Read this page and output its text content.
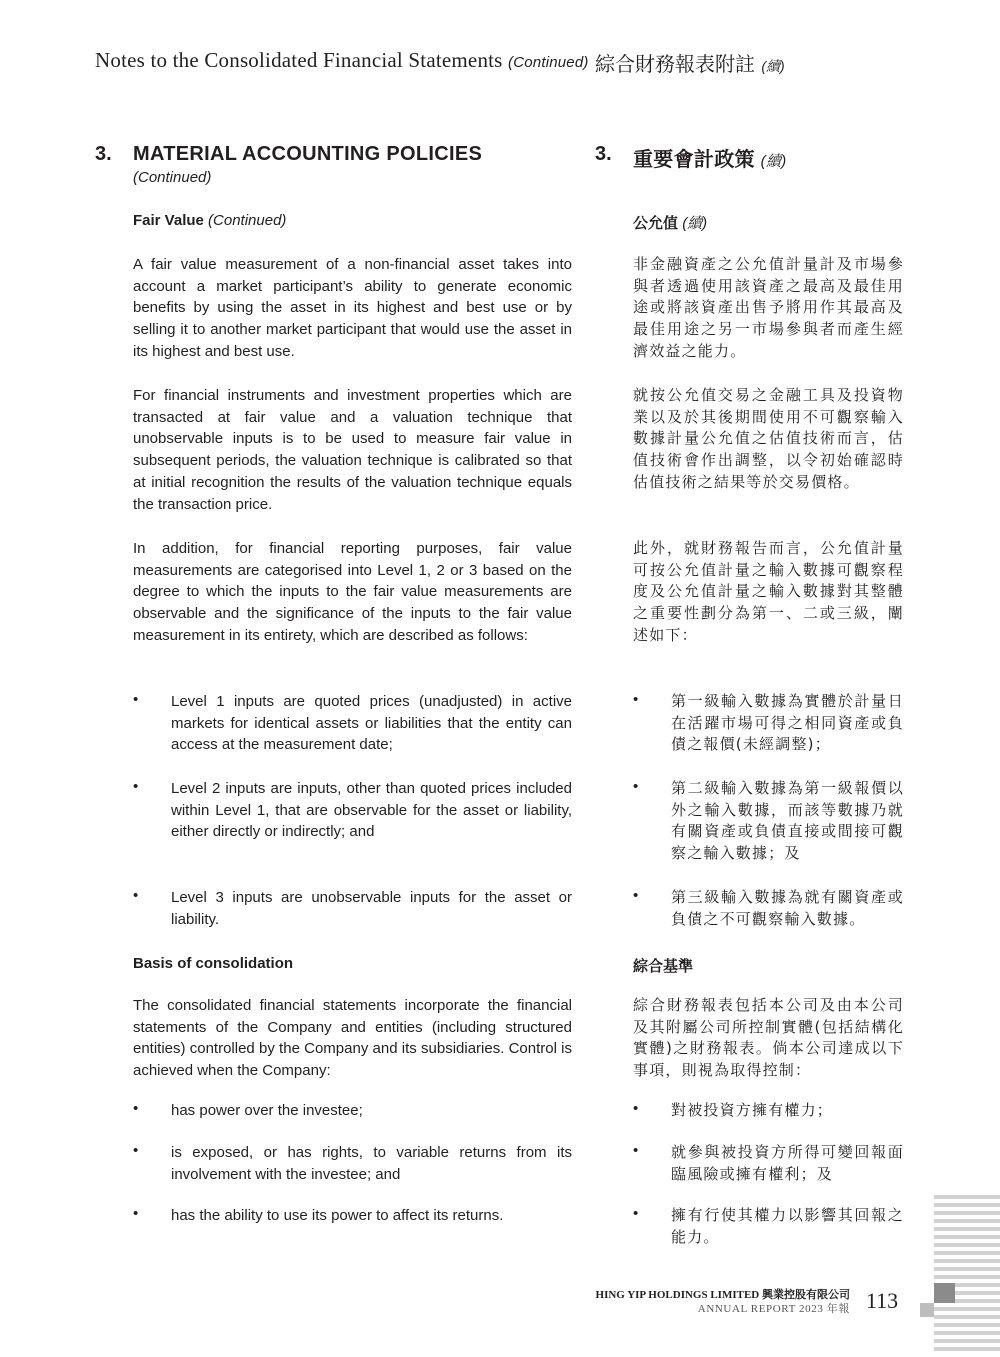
Notes to the Consolidated Financial Statements (Continued) 綜合財務報表附註 (續)
3. MATERIAL ACCOUNTING POLICIES
(Continued)
3. 重要會計政策 (續)
Fair Value (Continued)	公允值 (續)
A fair value measurement of a non-financial asset takes into account a market participant’s ability to generate economic benefits by using the asset in its highest and best use or by selling it to another market participant that would use the asset in its highest and best use.
For financial instruments and investment properties which are transacted at fair value and a valuation technique that unobservable inputs is to be used to measure fair value in subsequent periods, the valuation technique is calibrated so that at initial recognition the results of the valuation technique equals the transaction price.
In addition, for financial reporting purposes, fair value measurements are categorised into Level 1, 2 or 3 based on the degree to which the inputs to the fair value measurements are observable and the significance of the inputs to the fair value measurement in its entirety, which are described as follows:
非金融資產之公允值計量計及市場參與者透過使用該資產之最高及最佳用途或將該資產出售予將用作其最高及最佳用途之另一市場參與者而產生經濟效益之能力。
就按公允值交易之金融工具及投資物業以及於其後期間使用不可觀察輸入數據計量公允值之估值技術而言，估值技術會作出調整，以令初始確認時估值技術之結果等於交易價格。
此外，就財務報告而言，公允值計量可按公允值計量之輸入數據可觀察程度及公允值計量之輸入數據對其整體之重要性劃分為第一、二或三級，闡述如下：
• Level 1 inputs are quoted prices (unadjusted) in active markets for identical assets or liabilities that the entity can access at the measurement date;
• Level 2 inputs are inputs, other than quoted prices included within Level 1, that are observable for the asset or liability, either directly or indirectly; and
• Level 3 inputs are unobservable inputs for the asset or liability.
• 第一級輸入數據為實體於計量日在活躍市場可得之相同資產或負債之報價(未經調整)；
• 第二級輸入數據為第一級報價以外之輸入數據，而該等數據乃就有關資產或負債直接或間接可觀察之輸入數據；及
• 第三級輸入數據為就有關資產或負債之不可觀察輸入數據。
Basis of consolidation	綜合基準
The consolidated financial statements incorporate the financial statements of the Company and entities (including structured entities) controlled by the Company and its subsidiaries. Control is achieved when the Company:
綜合財務報表包括本公司及由本公司及其附屬公司所控制實體(包括結構化實體)之財務報表。倘本公司達成以下事項，則視為取得控制：
• has power over the investee;
• is exposed, or has rights, to variable returns from its involvement with the investee; and
• has the ability to use its power to affect its returns.
• 對被投資方擁有權力；
• 就參與被投資方所得可變回報面臨風險或擁有權利；及
• 擁有行使其權力以影響其回報之能力。
HING YIP HOLDINGS LIMITED 興業控股有限公司
ANNUAL REPORT 2023 年報 113
